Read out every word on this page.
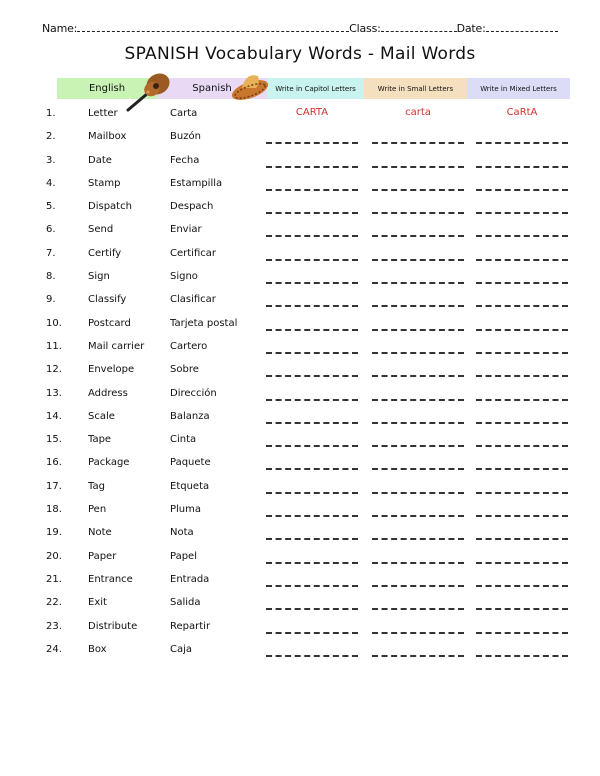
Name:	Class:	Date:
SPANISH Vocabulary Words - Mail Words
English	Spanish	Write in Capitol Letters	Write in Small Letters	Write in Mixed Letters
1.	Letter	Carta	CARTA	carta	CaRtA
2.	Mailbox	Buzón
3.	Date	Fecha
4.	Stamp	Estampilla
5.	Dispatch	Despach
6.	Send	Enviar
7.	Certify	Certificar
8.	Sign	Signo
9.	Classify	Clasificar
10.	Postcard	Tarjeta postal
11.	Mail carrier	Cartero
12.	Envelope	Sobre
13.	Address	Dirección
14.	Scale	Balanza
15.	Tape	Cinta
16.	Package	Paquete
17.	Tag	Etqueta
18.	Pen	Pluma
19.	Note	Nota
20.	Paper	Papel
21.	Entrance	Entrada
22.	Exit	Salida
23.	Distribute	Repartir
24.	Box	Caja
